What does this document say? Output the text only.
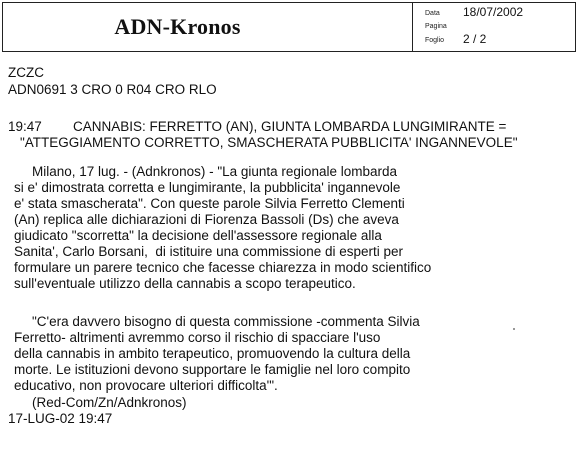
ADN-Kronos
Data 18/07/2002
Pagina
Foglio 2 / 2
ZCZC
ADN0691 3 CRO 0 R04 CRO RLO
19:47 CANNABIS: FERRETTO (AN), GIUNTA LOMBARDA LUNGIMIRANTE =
"ATTEGGIAMENTO CORRETTO, SMASCHERATA PUBBLICITA' INGANNEVOLE"
Milano, 17 lug. - (Adnkronos) - "La giunta regionale lombarda
si e' dimostrata corretta e lungimirante, la pubblicita' ingannevole
e' stata smascherata". Con queste parole Silvia Ferretto Clementi
(An) replica alle dichiarazioni di Fiorenza Bassoli (Ds) che aveva
giudicato "scorretta" la decisione dell'assessore regionale alla
Sanita', Carlo Borsani,  di istituire una commissione di esperti per
formulare un parere tecnico che facesse chiarezza in modo scientifico
sull'eventuale utilizzo della cannabis a scopo terapeutico.
"C'era davvero bisogno di questa commissione -commenta Silvia
Ferretto- altrimenti avremmo corso il rischio di spacciare l'uso
della cannabis in ambito terapeutico, promuovendo la cultura della
morte. Le istituzioni devono supportare le famiglie nel loro compito
educativo, non provocare ulteriori difficolta'".
(Red-Com/Zn/Adnkronos)
17-LUG-02 19:47
